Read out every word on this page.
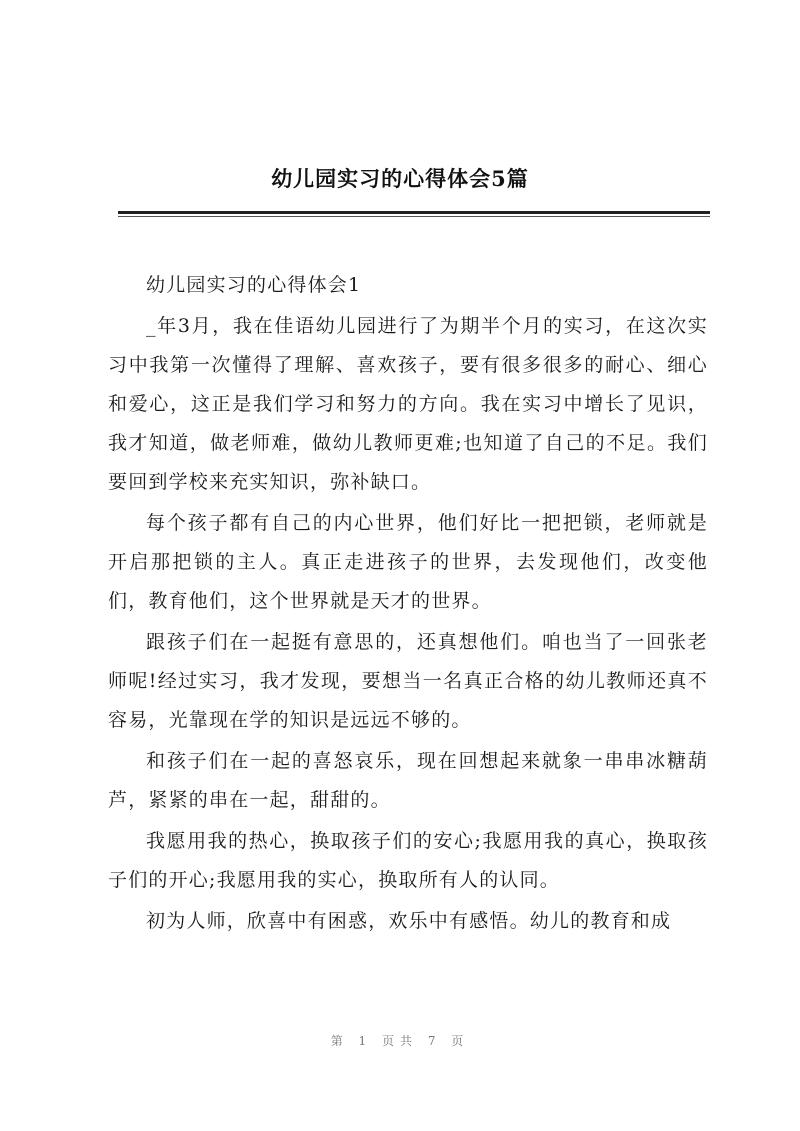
幼儿园实习的心得体会5篇

幼儿园实习的心得体会1

_年3月，我在佳语幼儿园进行了为期半个月的实习，在这次实习中我第一次懂得了理解、喜欢孩子，要有很多很多的耐心、细心和爱心，这正是我们学习和努力的方向。我在实习中增长了见识，我才知道，做老师难，做幼儿教师更难;也知道了自己的不足。我们要回到学校来充实知识，弥补缺口。

每个孩子都有自己的内心世界，他们好比一把把锁，老师就是开启那把锁的主人。真正走进孩子的世界，去发现他们，改变他们，教育他们，这个世界就是天才的世界。

跟孩子们在一起挺有意思的，还真想他们。咱也当了一回张老师呢!经过实习，我才发现，要想当一名真正合格的幼儿教师还真不容易，光靠现在学的知识是远远不够的。

和孩子们在一起的喜怒哀乐，现在回想起来就象一串串冰糖葫芦，紧紧的串在一起，甜甜的。

我愿用我的热心，换取孩子们的安心;我愿用我的真心，换取孩子们的开心;我愿用我的实心，换取所有人的认同。

初为人师，欣喜中有困惑，欢乐中有感悟。幼儿的教育和成

第 1 页共 7 页
